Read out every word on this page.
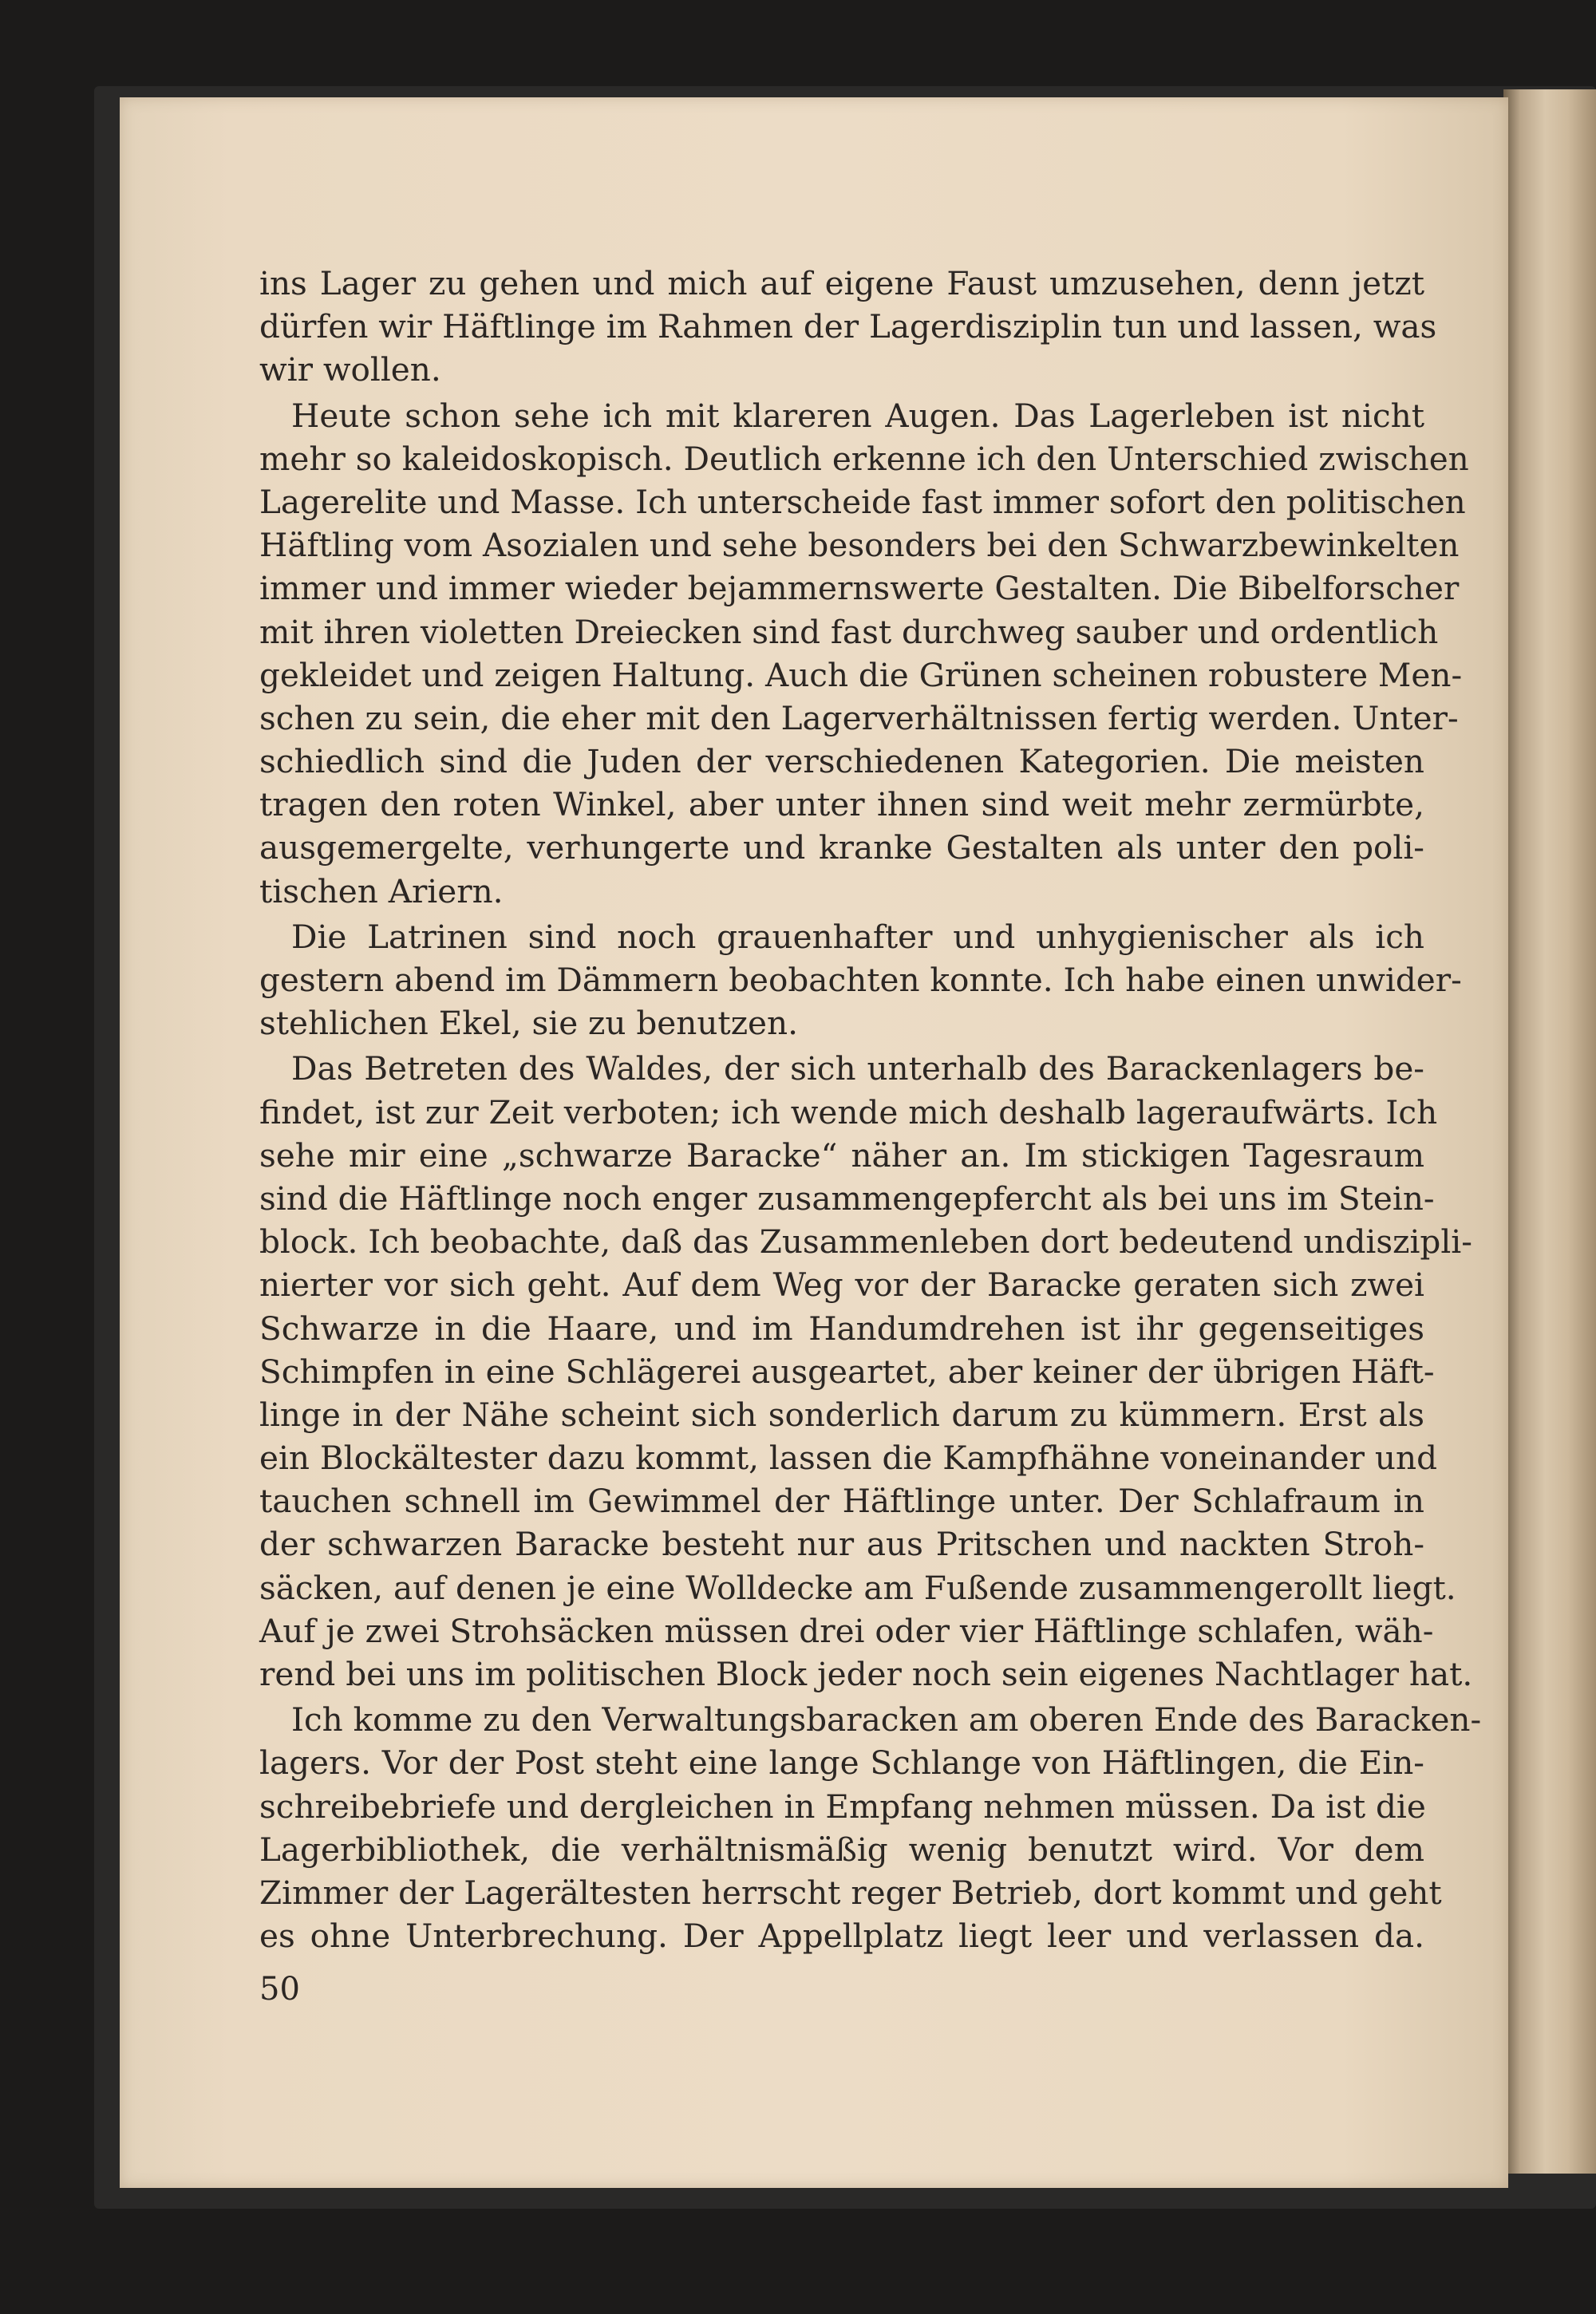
ins Lager zu gehen und mich auf eigene Faust umzusehen, denn jetzt
dürfen wir Häftlinge im Rahmen der Lagerdisziplin tun und lassen, was
wir wollen.
Heute schon sehe ich mit klareren Augen. Das Lagerleben ist nicht
mehr so kaleidoskopisch. Deutlich erkenne ich den Unterschied zwischen
Lagerelite und Masse. Ich unterscheide fast immer sofort den politischen
Häftling vom Asozialen und sehe besonders bei den Schwarzbewinkelten
immer und immer wieder bejammernswerte Gestalten. Die Bibelforscher
mit ihren violetten Dreiecken sind fast durchweg sauber und ordentlich
gekleidet und zeigen Haltung. Auch die Grünen scheinen robustere Men-
schen zu sein, die eher mit den Lagerverhältnissen fertig werden. Unter-
schiedlich sind die Juden der verschiedenen Kategorien. Die meisten
tragen den roten Winkel, aber unter ihnen sind weit mehr zermürbte,
ausgemergelte, verhungerte und kranke Gestalten als unter den poli-
tischen Ariern.
Die Latrinen sind noch grauenhafter und unhygienischer als ich
gestern abend im Dämmern beobachten konnte. Ich habe einen unwider-
stehlichen Ekel, sie zu benutzen.
Das Betreten des Waldes, der sich unterhalb des Barackenlagers be-
findet, ist zur Zeit verboten; ich wende mich deshalb lageraufwärts. Ich
sehe mir eine „schwarze Baracke“ näher an. Im stickigen Tagesraum
sind die Häftlinge noch enger zusammengepfercht als bei uns im Stein-
block. Ich beobachte, daß das Zusammenleben dort bedeutend undiszipli-
nierter vor sich geht. Auf dem Weg vor der Baracke geraten sich zwei
Schwarze in die Haare, und im Handumdrehen ist ihr gegenseitiges
Schimpfen in eine Schlägerei ausgeartet, aber keiner der übrigen Häft-
linge in der Nähe scheint sich sonderlich darum zu kümmern. Erst als
ein Blockältester dazu kommt, lassen die Kampfhähne voneinander und
tauchen schnell im Gewimmel der Häftlinge unter. Der Schlafraum in
der schwarzen Baracke besteht nur aus Pritschen und nackten Stroh-
säcken, auf denen je eine Wolldecke am Fußende zusammengerollt liegt.
Auf je zwei Strohsäcken müssen drei oder vier Häftlinge schlafen, wäh-
rend bei uns im politischen Block jeder noch sein eigenes Nachtlager hat.
Ich komme zu den Verwaltungsbaracken am oberen Ende des Baracken-
lagers. Vor der Post steht eine lange Schlange von Häftlingen, die Ein-
schreibebriefe und dergleichen in Empfang nehmen müssen. Da ist die
Lagerbibliothek, die verhältnismäßig wenig benutzt wird. Vor dem
Zimmer der Lagerältesten herrscht reger Betrieb, dort kommt und geht
es ohne Unterbrechung. Der Appellplatz liegt leer und verlassen da.
50
